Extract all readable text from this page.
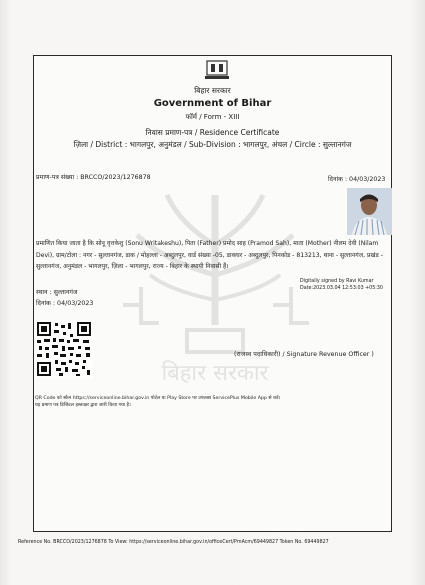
बिहार सरकार
Government of Bihar
फॉर्म / Form - XIII
निवास प्रमाण-पत्र / Residence Certificate
ज़िला / District : भागलपुर, अनुमंडल / Sub-Division : भागलपुर, अंचल / Circle : सुल्तानगंज
प्रमाण-पत्र संख्या : BRCCO/2023/1276878	दिनांक : 04/03/2023
बिहार सरकार
प्रमाणित किया जाता है कि सोनू वृत्तकेशु (Sonu Writakeshu), पिता (Father) प्रमोद साह (Pramod Sah), माता (Mother) नीलम देवी (Nilam Devi), ग्राम/टोला : नगर - सुल्तानगंज, डाक / मोहल्ला - अब्दुलपुर, वार्ड संख्या -05, डाकघर - अब्दुलपुर, पिनकोड - 813213, थाना - सुल्तानगंज, प्रखंड - सुल्तानगंज, अनुमंडल - भागलपुर, ज़िला - भागलपुर, राज्य - बिहार के स्थायी निवासी हैं।
स्थान : सुल्तानगंज
दिनांक : 04/03/2023
Digitally signed by Ravi Kumar
Date:2023.03.04 12:53:03 +05:30
(राजस्व पदाधिकारी) / Signature Revenue Officer )
QR Code को स्कैन https://serviceonline.bihar.gov.in पोर्टल या Play Store पर उपलब्ध ServicePlus Mobile App से करें।
यह प्रमाण पत्र डिजिटल हस्ताक्षर द्वारा जारी किया गया है।
Reference No. BRCCO/2023/1276878 To View: https://serviceonline.bihar.gov.in/officeCert/PmAcm/69449827 Token No. 69449827
